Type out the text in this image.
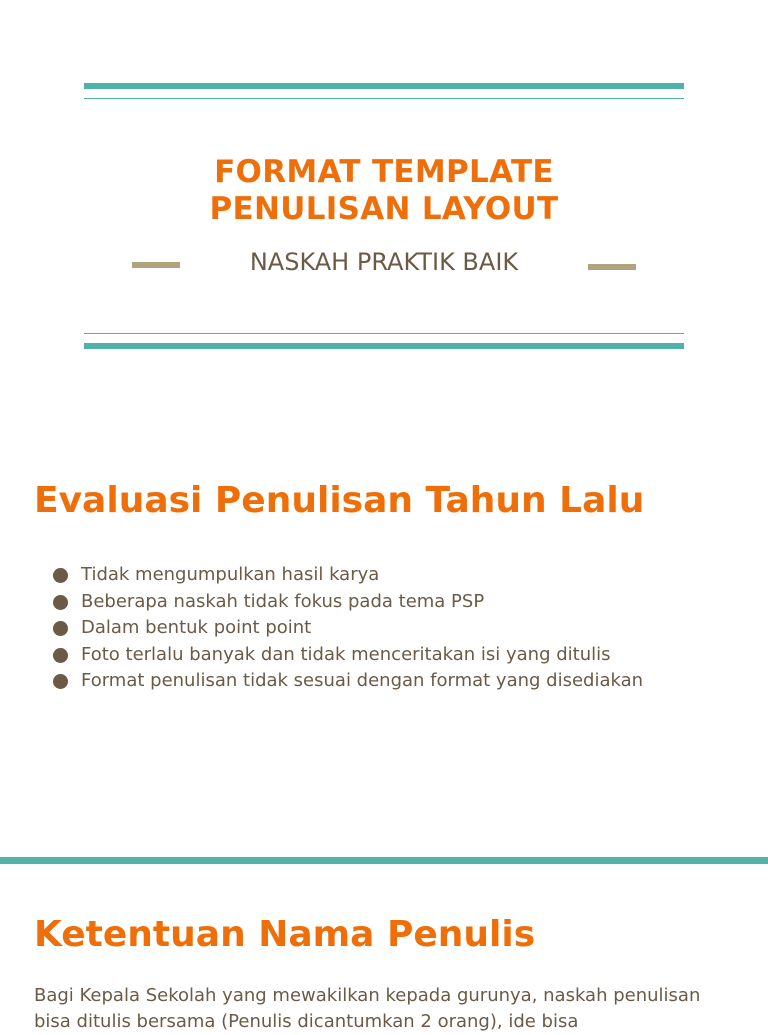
FORMAT TEMPLATE
PENULISAN LAYOUT
NASKAH PRAKTIK BAIK
Evaluasi Penulisan Tahun Lalu
Tidak mengumpulkan hasil karya
Beberapa naskah tidak fokus pada tema PSP
Dalam bentuk point point
Foto terlalu banyak dan tidak menceritakan isi yang ditulis
Format penulisan tidak sesuai dengan format yang disediakan
Ketentuan Nama Penulis

Bagi Kepala Sekolah yang mewakilkan kepada gurunya, naskah penulisan bisa ditulis bersama (Penulis dicantumkan 2 orang), ide bisa
